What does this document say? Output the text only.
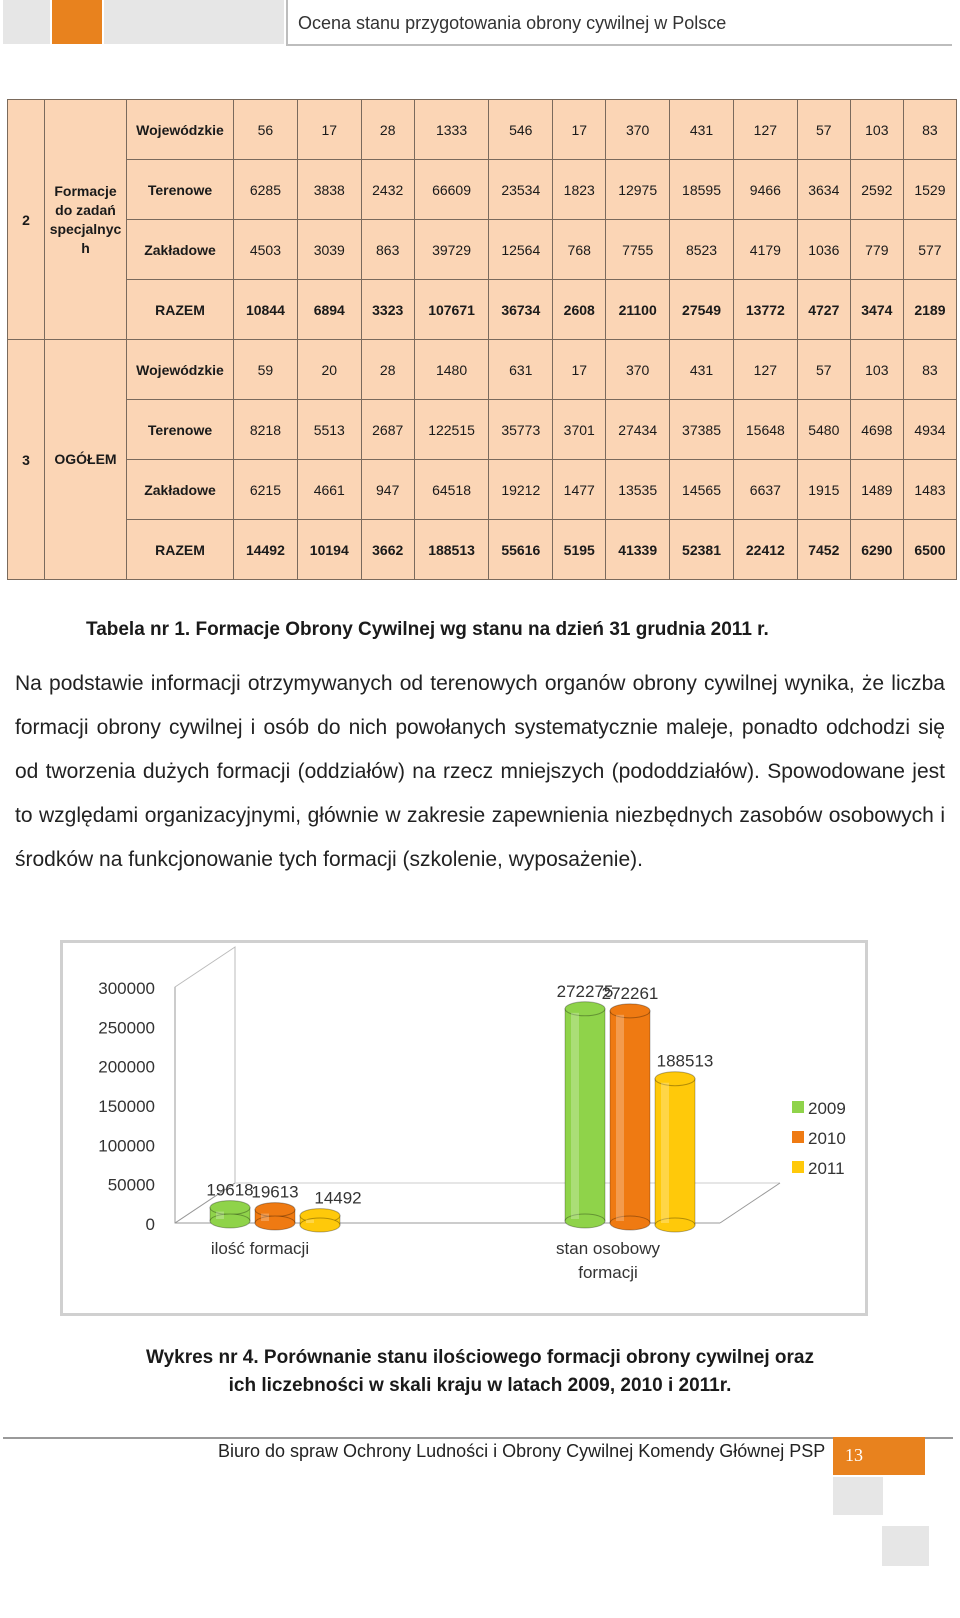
Ocena stanu przygotowania obrony cywilnej w Polsce
2	Formacje
do zadań
specjalnyc
h	Wojewódzkie	56	17	28	1333	546	17	370	431	127	57	103	83
		Terenowe	6285	3838	2432	66609	23534	1823	12975	18595	9466	3634	2592	1529
		Zakładowe	4503	3039	863	39729	12564	768	7755	8523	4179	1036	779	577
		RAZEM	10844	6894	3323	107671	36734	2608	21100	27549	13772	4727	3474	2189
3	OGÓŁEM	Wojewódzkie	59	20	28	1480	631	17	370	431	127	57	103	83
		Terenowe	8218	5513	2687	122515	35773	3701	27434	37385	15648	5480	4698	4934
		Zakładowe	6215	4661	947	64518	19212	1477	13535	14565	6637	1915	1489	1483
		RAZEM	14492	10194	3662	188513	55616	5195	41339	52381	22412	7452	6290	6500
Tabela nr 1. Formacje Obrony Cywilnej wg stanu na dzień 31 grudnia 2011 r.

Na podstawie informacji otrzymywanych od terenowych organów obrony cywilnej wynika, że liczba formacji obrony cywilnej i osób do nich powołanych systematycznie maleje, ponadto odchodzi się od tworzenia dużych formacji (oddziałów) na rzecz mniejszych (pododdziałów). Spowodowane jest to względami organizacyjnymi, głównie w zakresie zapewnienia niezbędnych zasobów osobowych i środków na funkcjonowanie tych formacji (szkolenie, wyposażenie).

0
50000
100000
150000
200000
250000
300000
19618
272275
19613
272261
14492
188513
ilość formacji	stan osobowy
formacji
2009
2010
2011
Wykres nr 4. Porównanie stanu ilościowego formacji obrony cywilnej oraz
ich liczebności w skali kraju w latach 2009, 2010 i 2011r.
Biuro do spraw Ochrony Ludności i Obrony Cywilnej Komendy Głównej PSP 13
